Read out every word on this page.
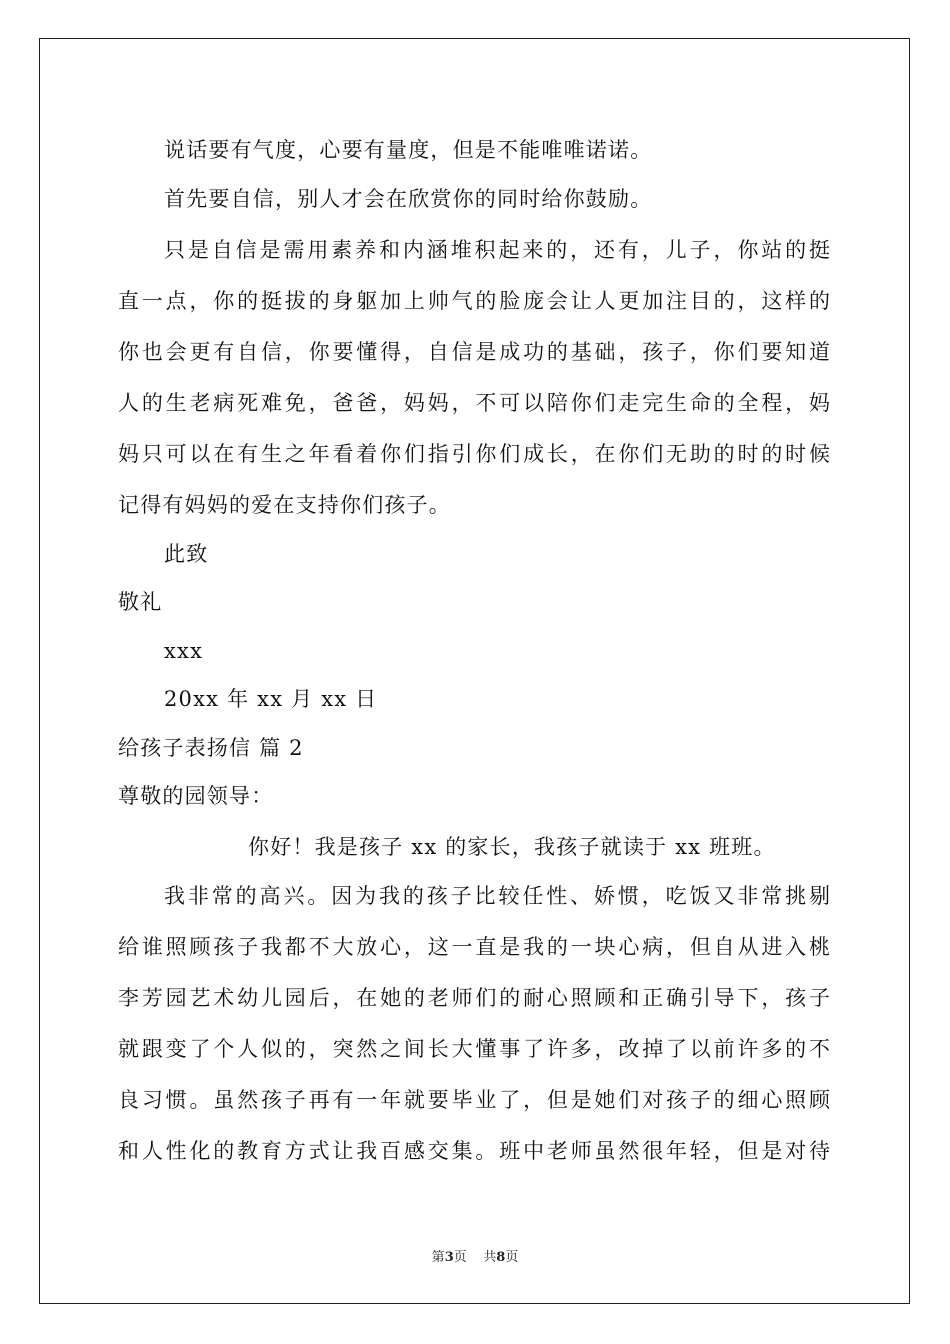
说话要有气度，心要有量度，但是不能唯唯诺诺。
首先要自信，别人才会在欣赏你的同时给你鼓励。
只是自信是需用素养和内涵堆积起来的，还有，儿子，你站的挺
直一点，你的挺拔的身躯加上帅气的脸庞会让人更加注目的，这样的
你也会更有自信，你要懂得，自信是成功的基础，孩子，你们要知道
人的生老病死难免，爸爸，妈妈，不可以陪你们走完生命的全程，妈
妈只可以在有生之年看着你们指引你们成长，在你们无助的时的时候
记得有妈妈的爱在支持你们孩子。
此致
敬礼
xxx
20xx 年 xx 月 xx 日
给孩子表扬信 篇 2
尊敬的园领导：
你好！我是孩子 xx 的家长，我孩子就读于 xx 班班。
我非常的高兴。因为我的孩子比较任性、娇惯，吃饭又非常挑剔
给谁照顾孩子我都不大放心，这一直是我的一块心病，但自从进入桃
李芳园艺术幼儿园后，在她的老师们的耐心照顾和正确引导下，孩子
就跟变了个人似的，突然之间长大懂事了许多，改掉了以前许多的不
良习惯。虽然孩子再有一年就要毕业了，但是她们对孩子的细心照顾
和人性化的教育方式让我百感交集。班中老师虽然很年轻，但是对待
第3页    共8页
